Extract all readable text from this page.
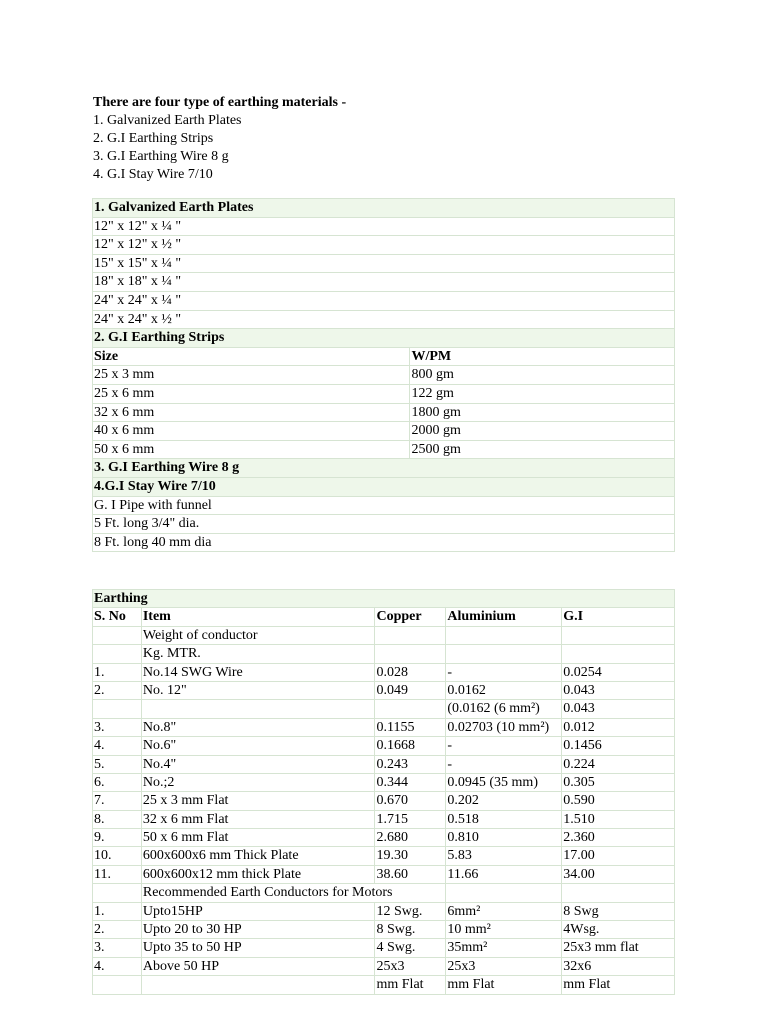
There are four type of earthing materials -
1. Galvanized Earth Plates
2. G.I Earthing Strips
3. G.I Earthing Wire 8 g
4. G.I Stay Wire 7/10
1. Galvanized Earth Plates	
12" x 12" x ¼ "	
12" x 12" x ½ "	
15" x 15" x ¼ "	
18" x 18" x ¼ "	
24" x 24" x ¼ "	
24" x 24" x ½ "	
2. G.I Earthing Strips	
Size	W/PM
25 x 3 mm	800 gm
25 x 6 mm	122 gm
32 x 6 mm	1800 gm
40 x 6 mm	2000 gm
50 x 6 mm	2500 gm
3. G.I Earthing Wire 8 g	
4.G.I Stay Wire 7/10	
G. I Pipe with funnel	
5 Ft. long 3/4" dia.	
8 Ft. long 40 mm dia	
Earthing				
S. No	Item	Copper	Aluminium	G.I
	Weight of conductor			
	Kg. MTR.			
1.	No.14 SWG Wire	0.028	-	0.0254
2.	No. 12"	0.049	0.0162	0.043
			(0.0162 (6 mm²)	0.043
3.	No.8"	0.1155	0.02703 (10 mm²)	0.012
4.	No.6"	0.1668	-	0.1456
5.	No.4"	0.243	-	0.224
6.	No.;2	0.344	0.0945 (35 mm)	0.305
7.	25 x 3 mm Flat	0.670	0.202	0.590
8.	32 x 6 mm Flat	1.715	0.518	1.510
9.	50 x 6 mm Flat	2.680	0.810	2.360
10.	600x600x6 mm Thick Plate	19.30	5.83	17.00
11.	600x600x12 mm thick Plate	38.60	11.66	34.00
	Recommended Earth Conductors for Motors			
1.	Upto15HP	12 Swg.	6mm²	8 Swg
2.	Upto 20 to 30 HP	8 Swg.	10 mm²	4Wsg.
3.	Upto 35 to 50 HP	4 Swg.	35mm²	25x3 mm flat
4.	Above 50 HP	25x3	25x3	32x6
		mm Flat	mm Flat	mm Flat
